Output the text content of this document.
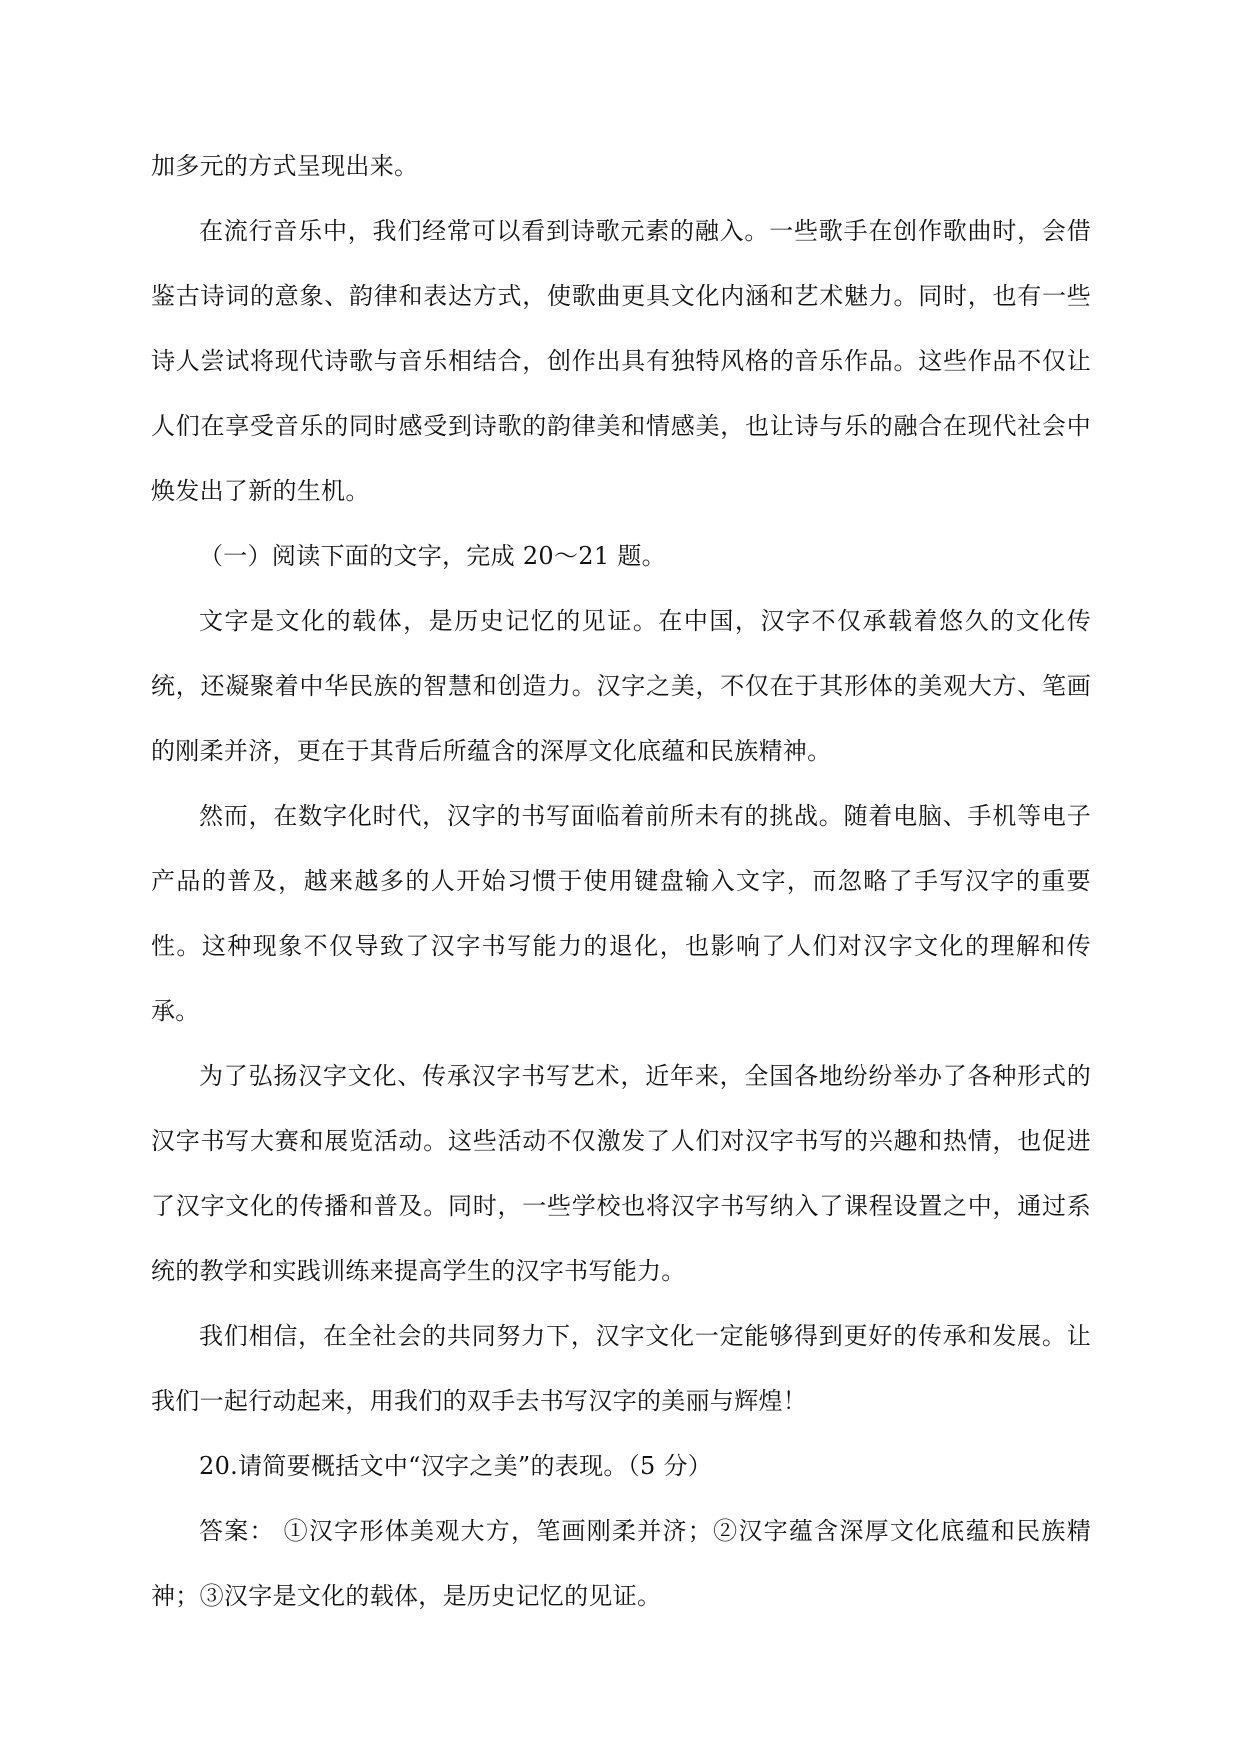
加多元的方式呈现出来。

在流行音乐中，我们经常可以看到诗歌元素的融入。一些歌手在创作歌曲时，会借鉴古诗词的意象、韵律和表达方式，使歌曲更具文化内涵和艺术魅力。同时，也有一些诗人尝试将现代诗歌与音乐相结合，创作出具有独特风格的音乐作品。这些作品不仅让人们在享受音乐的同时感受到诗歌的韵律美和情感美，也让诗与乐的融合在现代社会中焕发出了新的生机。

（一）阅读下面的文字，完成 20～21 题。

文字是文化的载体，是历史记忆的见证。在中国，汉字不仅承载着悠久的文化传统，还凝聚着中华民族的智慧和创造力。汉字之美，不仅在于其形体的美观大方、笔画的刚柔并济，更在于其背后所蕴含的深厚文化底蕴和民族精神。

然而，在数字化时代，汉字的书写面临着前所未有的挑战。随着电脑、手机等电子产品的普及，越来越多的人开始习惯于使用键盘输入文字，而忽略了手写汉字的重要性。这种现象不仅导致了汉字书写能力的退化，也影响了人们对汉字文化的理解和传承。

为了弘扬汉字文化、传承汉字书写艺术，近年来，全国各地纷纷举办了各种形式的汉字书写大赛和展览活动。这些活动不仅激发了人们对汉字书写的兴趣和热情，也促进了汉字文化的传播和普及。同时，一些学校也将汉字书写纳入了课程设置之中，通过系统的教学和实践训练来提高学生的汉字书写能力。

我们相信，在全社会的共同努力下，汉字文化一定能够得到更好的传承和发展。让我们一起行动起来，用我们的双手去书写汉字的美丽与辉煌！

20.请简要概括文中“汉字之美”的表现。（5 分）

答案： ①汉字形体美观大方，笔画刚柔并济；②汉字蕴含深厚文化底蕴和民族精神；③汉字是文化的载体，是历史记忆的见证。
